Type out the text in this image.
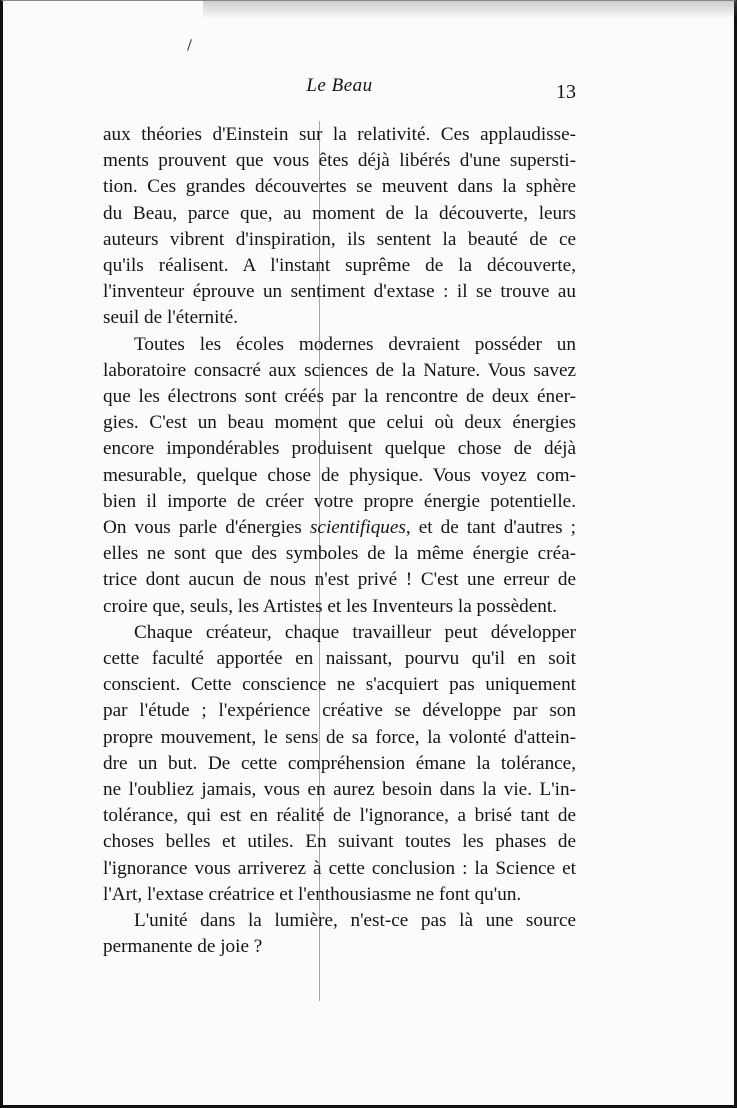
Le Beau	13

aux théories d'Einstein sur la relativité. Ces applaudisse-
ments prouvent que vous êtes déjà libérés d'une supersti-
tion. Ces grandes découvertes se meuvent dans la sphère
du Beau, parce que, au moment de la découverte, leurs
auteurs vibrent d'inspiration, ils sentent la beauté de ce
qu'ils réalisent. A l'instant suprême de la découverte,
l'inventeur éprouve un sentiment d'extase : il se trouve au
seuil de l'éternité.

Toutes les écoles modernes devraient posséder un
laboratoire consacré aux sciences de la Nature. Vous savez
que les électrons sont créés par la rencontre de deux éner-
gies. C'est un beau moment que celui où deux énergies
encore impondérables produisent quelque chose de déjà
mesurable, quelque chose de physique. Vous voyez com-
bien il importe de créer votre propre énergie potentielle.
On vous parle d'énergies scientifiques, et de tant d'autres ;
elles ne sont que des symboles de la même énergie créa-
trice dont aucun de nous n'est privé ! C'est une erreur de
croire que, seuls, les Artistes et les Inventeurs la possèdent.

Chaque créateur, chaque travailleur peut développer
cette faculté apportée en naissant, pourvu qu'il en soit
conscient. Cette conscience ne s'acquiert pas uniquement
par l'étude ; l'expérience créative se développe par son
propre mouvement, le sens de sa force, la volonté d'attein-
dre un but. De cette compréhension émane la tolérance,
ne l'oubliez jamais, vous en aurez besoin dans la vie. L'in-
tolérance, qui est en réalité de l'ignorance, a brisé tant de
choses belles et utiles. En suivant toutes les phases de
l'ignorance vous arriverez à cette conclusion : la Science et
l'Art, l'extase créatrice et l'enthousiasme ne font qu'un.

L'unité dans la lumière, n'est-ce pas là une source
permanente de joie ?
